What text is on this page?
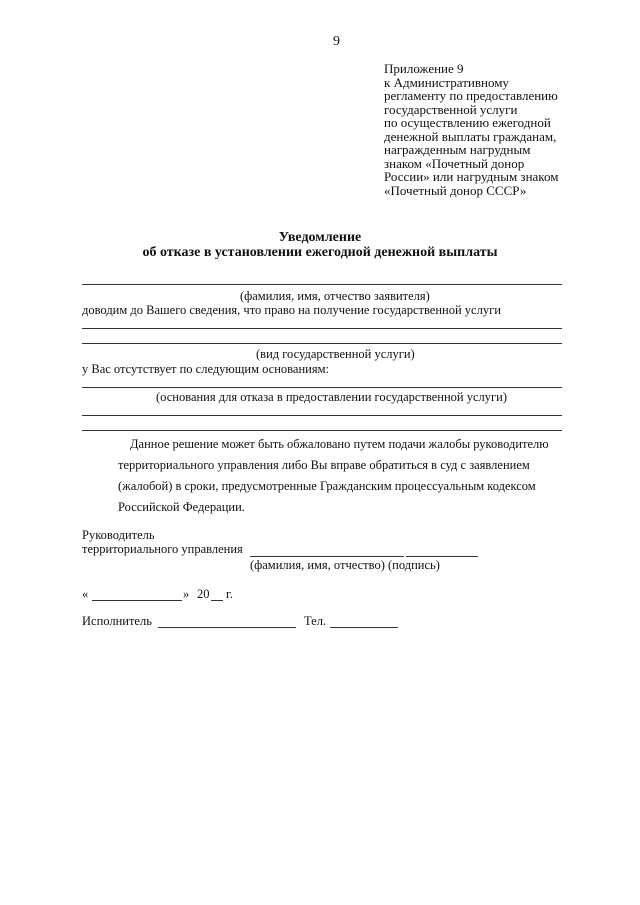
9
Приложение 9
к Административному
регламенту по предоставлению
государственной услуги
по осуществлению ежегодной
денежной выплаты гражданам,
награжденным нагрудным
знаком «Почетный донор
России» или нагрудным знаком
«Почетный донор СССР»
Уведомление
об отказе в установлении ежегодной денежной выплаты
(фамилия, имя, отчество заявителя)
доводим до Вашего сведения, что право на получение государственной услуги
(вид государственной услуги)
у Вас отсутствует по следующим основаниям:
(основания для отказа в предоставлении государственной услуги)
Данное решение может быть обжаловано путем подачи жалобы руководителю
территориального управления либо Вы вправе обратиться в суд с заявлением
(жалобой) в сроки, предусмотренные Гражданским процессуальным кодексом
Российской Федерации.
Руководитель
территориального управления
(фамилия, имя, отчество) (подпись)
«	» 20 г.
Исполнитель	Тел.
